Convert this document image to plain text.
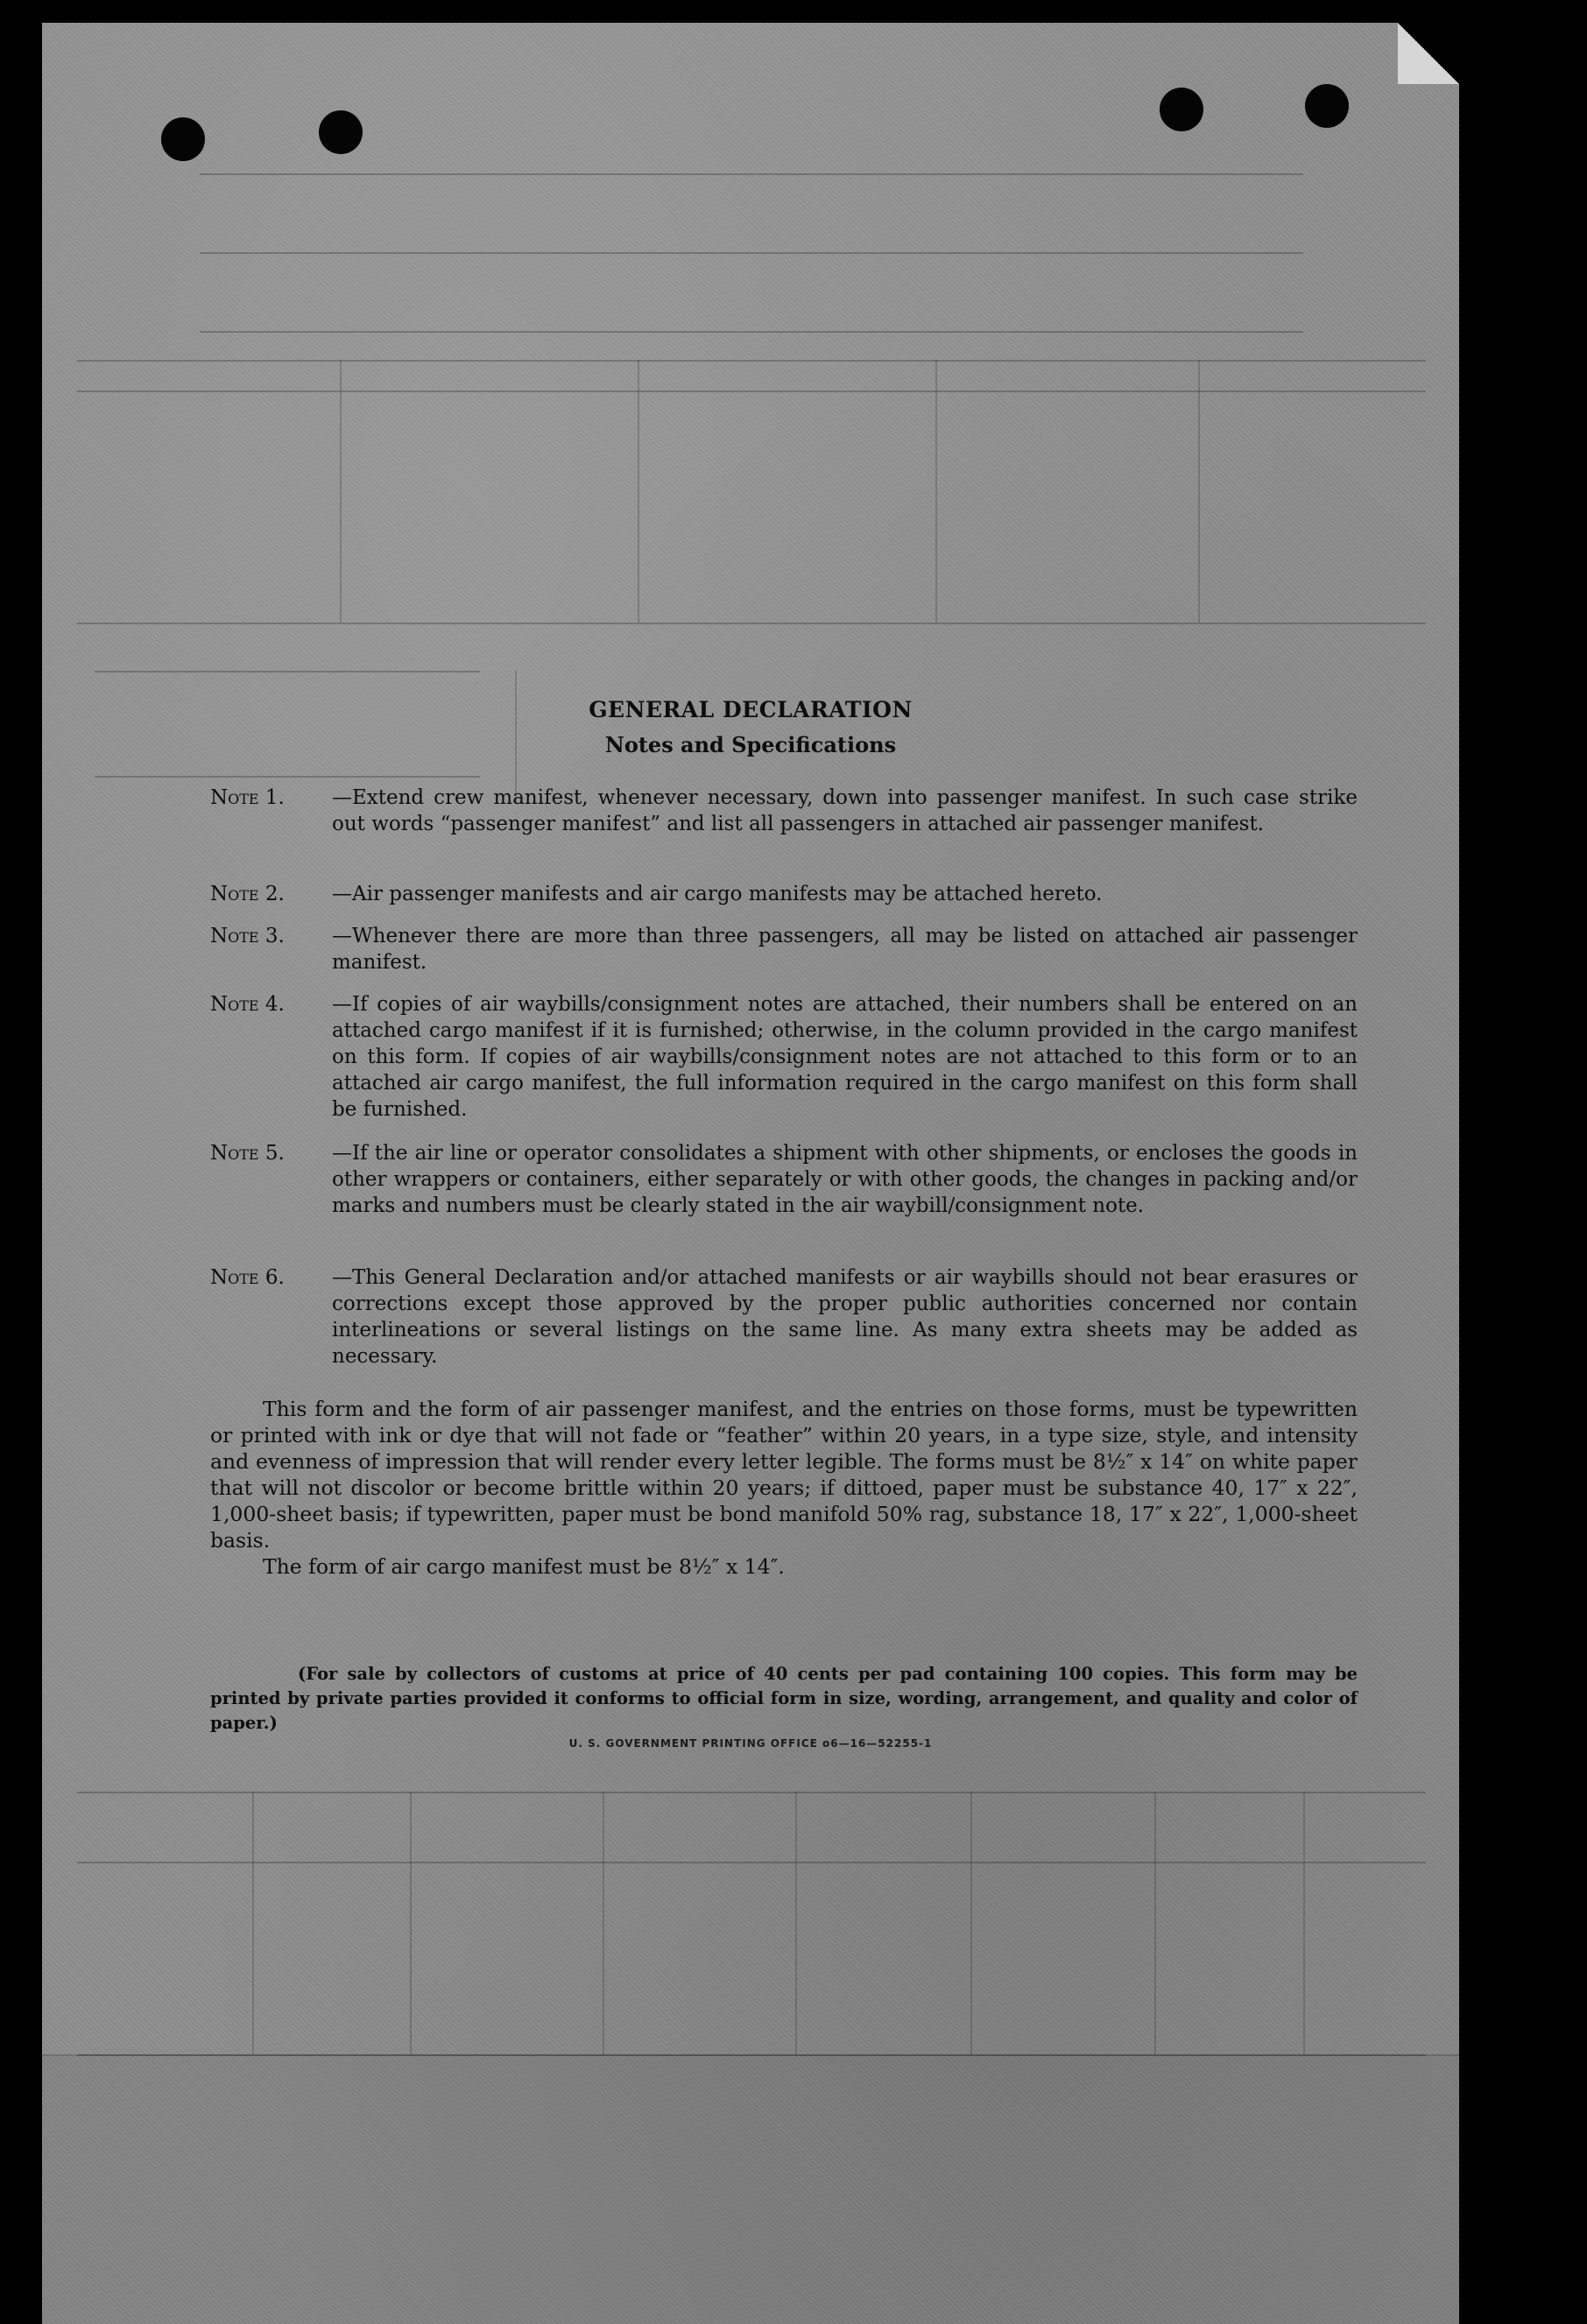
GENERAL DECLARATION
Notes and Specifications
Note 1.	—Extend crew manifest, whenever necessary, down into passenger manifest. In such case strike out words “passenger manifest” and list all passengers in attached air passenger manifest.
Note 2.	—Air passenger manifests and air cargo manifests may be attached hereto.
Note 3.	—Whenever there are more than three passengers, all may be listed on attached air passenger manifest.
Note 4.	—If copies of air waybills/consignment notes are attached, their numbers shall be entered on an attached cargo manifest if it is furnished; otherwise, in the column provided in the cargo manifest on this form. If copies of air waybills/consignment notes are not attached to this form or to an attached air cargo manifest, the full information required in the cargo manifest on this form shall be furnished.
Note 5.	—If the air line or operator consolidates a shipment with other shipments, or encloses the goods in other wrappers or containers, either separately or with other goods, the changes in packing and/or marks and numbers must be clearly stated in the air waybill/consignment note.
Note 6.	—This General Declaration and/or attached manifests or air waybills should not bear erasures or corrections except those approved by the proper public authorities concerned nor contain interlineations or several listings on the same line. As many extra sheets may be added as necessary.
This form and the form of air passenger manifest, and the entries on those forms, must be typewritten or printed with ink or dye that will not fade or “feather” within 20 years, in a type size, style, and intensity and evenness of impression that will render every letter legible. The forms must be 8½″ x 14″ on white paper that will not discolor or become brittle within 20 years; if dittoed, paper must be substance 40, 17″ x 22″, 1,000-sheet basis; if typewritten, paper must be bond manifold 50% rag, substance 18, 17″ x 22″, 1,000-sheet basis.
The form of air cargo manifest must be 8½″ x 14″.
(For sale by collectors of customs at price of 40 cents per pad containing 100 copies. This form may be printed by private parties provided it conforms to official form in size, wording, arrangement, and quality and color of paper.)
U. S. GOVERNMENT PRINTING OFFICE o6—16—52255-1
